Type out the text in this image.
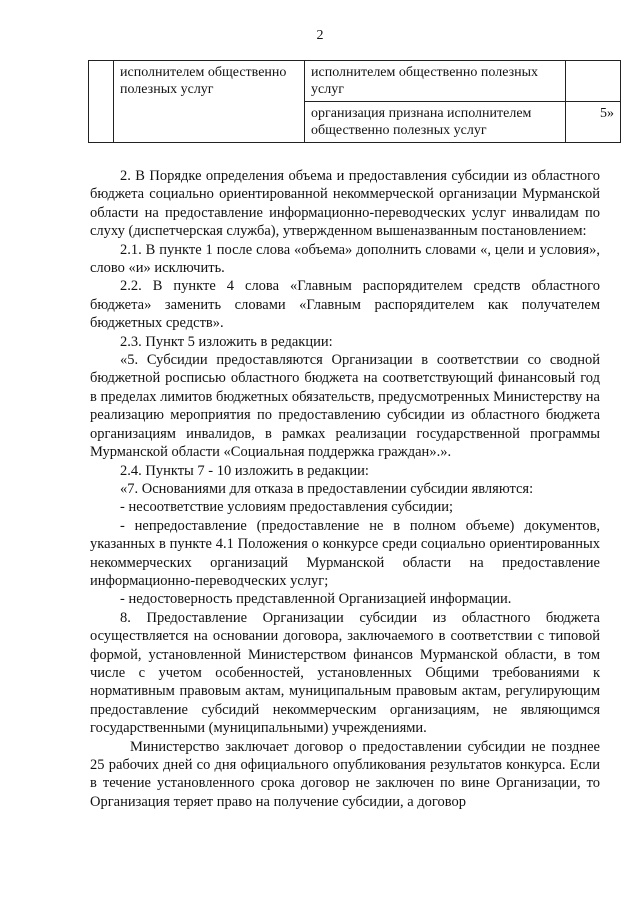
2
	исполнителем общественно полезных услуг	исполнителем общественно полезных услуг	
		организация признана исполнителем общественно полезных услуг	5»

2. В Порядке определения объема и предоставления субсидии из областного бюджета социально ориентированной некоммерческой организации Мурманской области на предоставление информационно-переводческих услуг инвалидам по слуху (диспетчерская служба), утвержденном вышеназванным постановлением:

2.1. В пункте 1 после слова «объема» дополнить словами «, цели и условия», слово «и» исключить.

2.2. В пункте 4 слова «Главным распорядителем средств областного бюджета» заменить словами «Главным распорядителем как получателем бюджетных средств».

2.3. Пункт 5 изложить в редакции:

«5. Субсидии предоставляются Организации в соответствии со сводной бюджетной росписью областного бюджета на соответствующий финансовый год в пределах лимитов бюджетных обязательств, предусмотренных Министерству на реализацию мероприятия по предоставлению субсидии из областного бюджета организациям инвалидов, в рамках реализации государственной программы Мурманской области «Социальная поддержка граждан».».

2.4. Пункты 7 - 10 изложить в редакции:

«7. Основаниями для отказа в предоставлении субсидии являются:

- несоответствие условиям предоставления субсидии;

- непредоставление (предоставление не в полном объеме) документов, указанных в пункте 4.1 Положения о конкурсе среди социально ориентированных некоммерческих организаций Мурманской области на предоставление информационно-переводческих услуг;

- недостоверность представленной Организацией информации.

8. Предоставление Организации субсидии из областного бюджета осуществляется на основании договора, заключаемого в соответствии с типовой формой, установленной Министерством финансов Мурманской области, в том числе с учетом особенностей, установленных Общими требованиями к нормативным правовым актам, муниципальным правовым актам, регулирующим предоставление субсидий некоммерческим организациям, не являющимся государственными (муниципальными) учреждениями.

Министерство заключает договор о предоставлении субсидии не позднее 25 рабочих дней со дня официального опубликования результатов конкурса. Если в течение установленного срока договор не заключен по вине Организации, то Организация теряет право на получение субсидии, а договор
